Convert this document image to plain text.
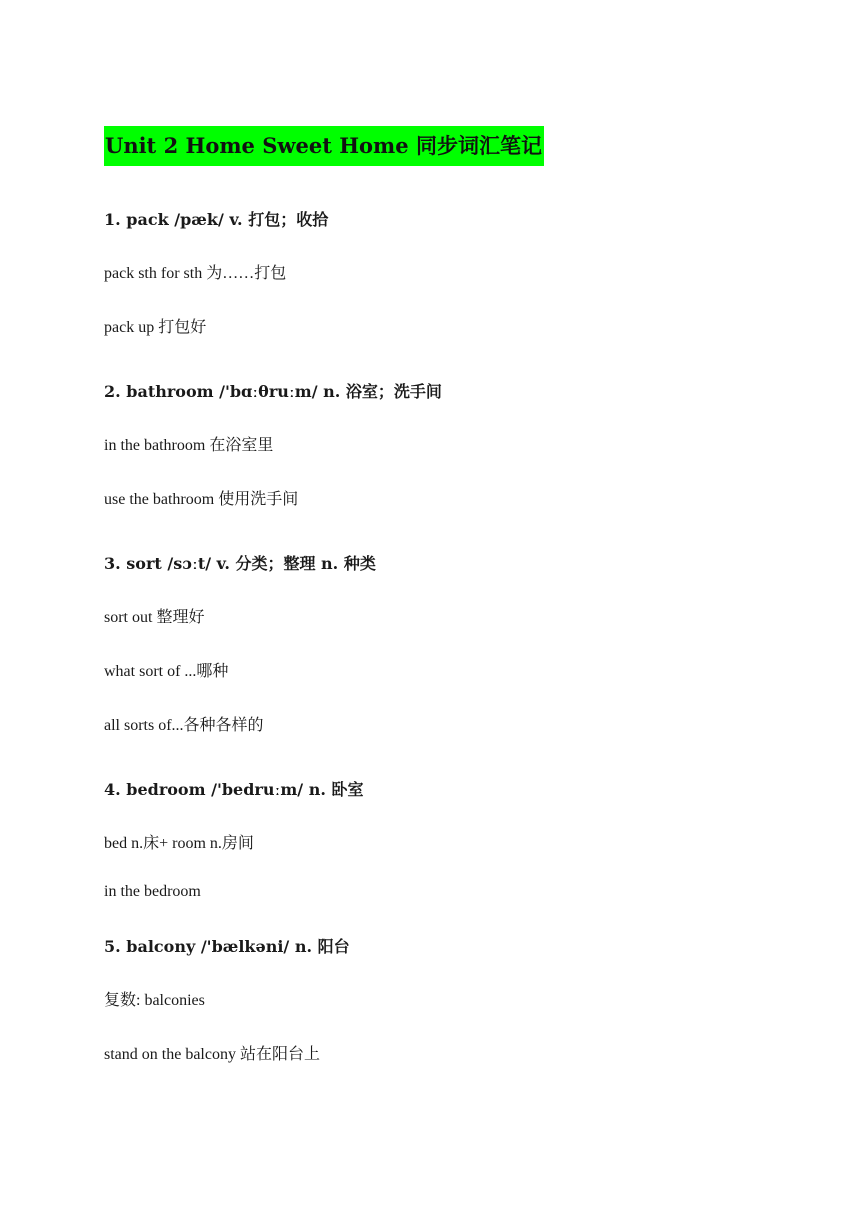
Unit 2 Home Sweet Home 同步词汇笔记
1. pack /pæk/ v. 打包；收拾
pack sth for sth 为……打包
pack up 打包好
2. bathroom /'bɑːθruːm/ n. 浴室；洗手间
in the bathroom 在浴室里
use the bathroom 使用洗手间
3. sort /sɔːt/ v. 分类；整理 n. 种类
sort out 整理好
what sort of ...哪种
all sorts of...各种各样的
4. bedroom /'bedruːm/ n. 卧室
bed n.床+ room n.房间
in the bedroom
5. balcony /'bælkəni/ n. 阳台
复数: balconies
stand on the balcony 站在阳台上
